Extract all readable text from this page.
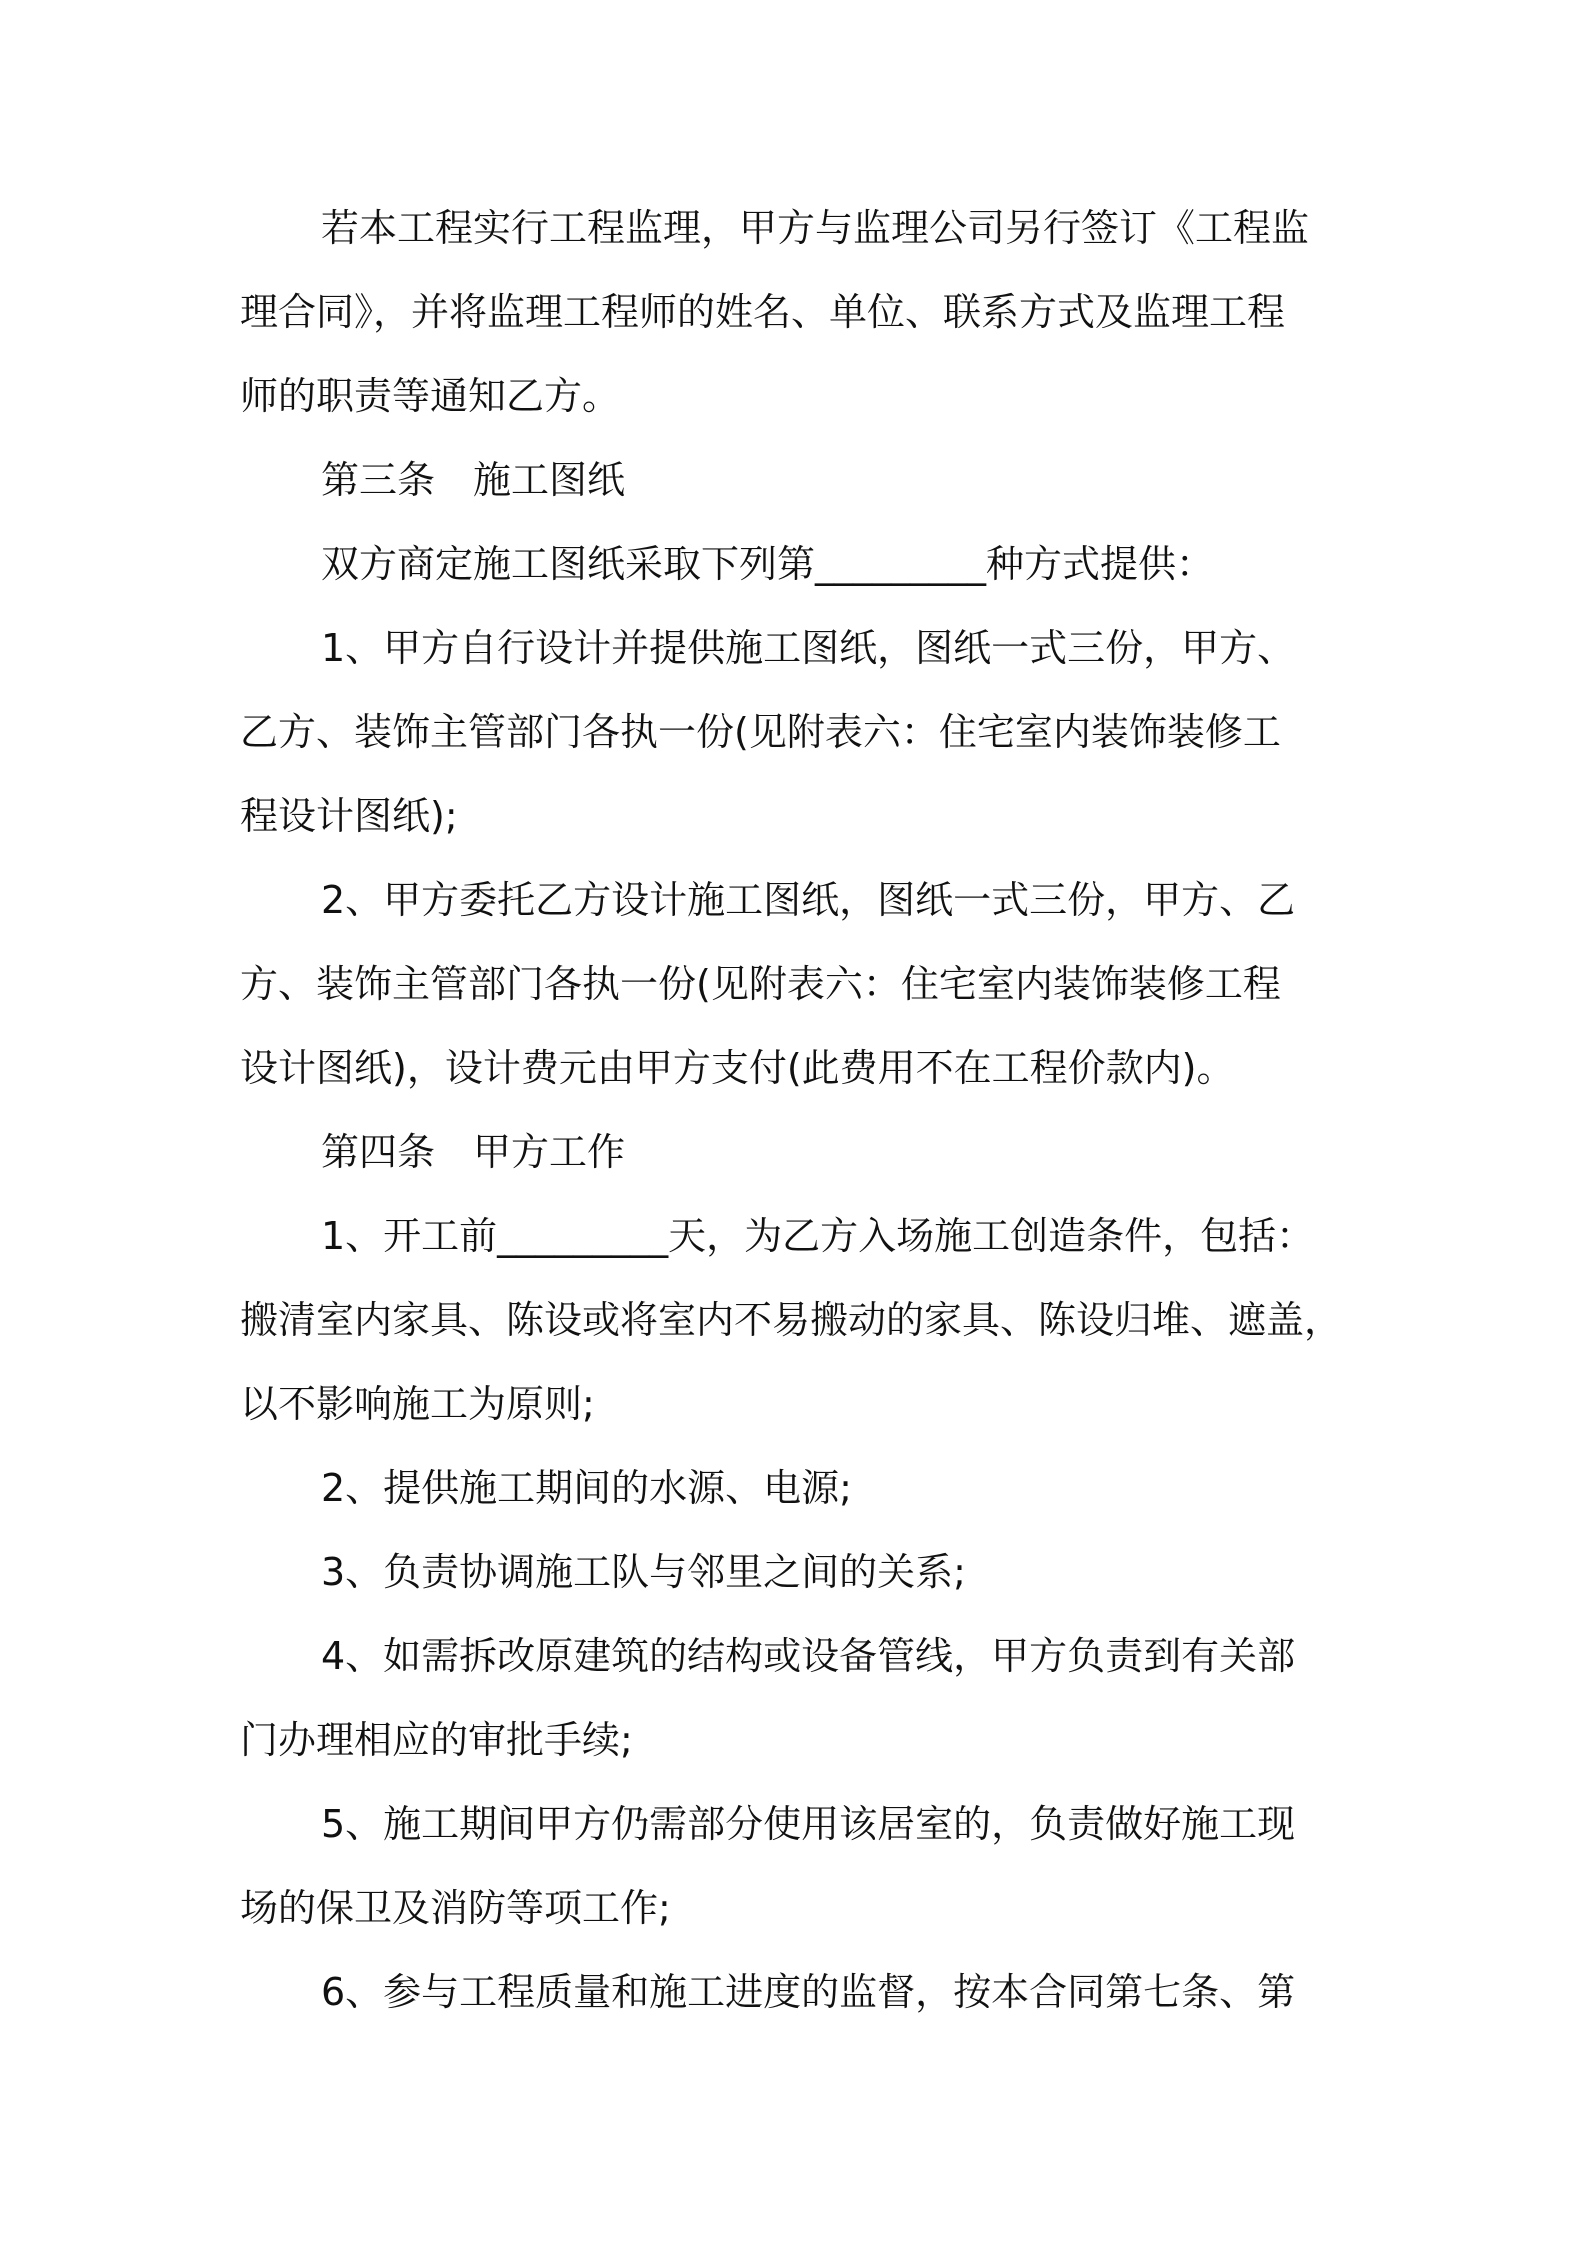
若本工程实行工程监理，甲方与监理公司另行签订《工程监
理合同》，并将监理工程师的姓名、单位、联系方式及监理工程
师的职责等通知乙方。
第三条　施工图纸
双方商定施工图纸采取下列第_________种方式提供：
1、甲方自行设计并提供施工图纸，图纸一式三份，甲方、
乙方、装饰主管部门各执一份(见附表六：住宅室内装饰装修工
程设计图纸);
2、甲方委托乙方设计施工图纸，图纸一式三份，甲方、乙
方、装饰主管部门各执一份(见附表六：住宅室内装饰装修工程
设计图纸)，设计费元由甲方支付(此费用不在工程价款内)。
第四条　甲方工作
1、开工前_________天，为乙方入场施工创造条件，包括：
搬清室内家具、陈设或将室内不易搬动的家具、陈设归堆、遮盖，
以不影响施工为原则;
2、提供施工期间的水源、电源;
3、负责协调施工队与邻里之间的关系;
4、如需拆改原建筑的结构或设备管线，甲方负责到有关部
门办理相应的审批手续;
5、施工期间甲方仍需部分使用该居室的，负责做好施工现
场的保卫及消防等项工作;
6、参与工程质量和施工进度的监督，按本合同第七条、第
